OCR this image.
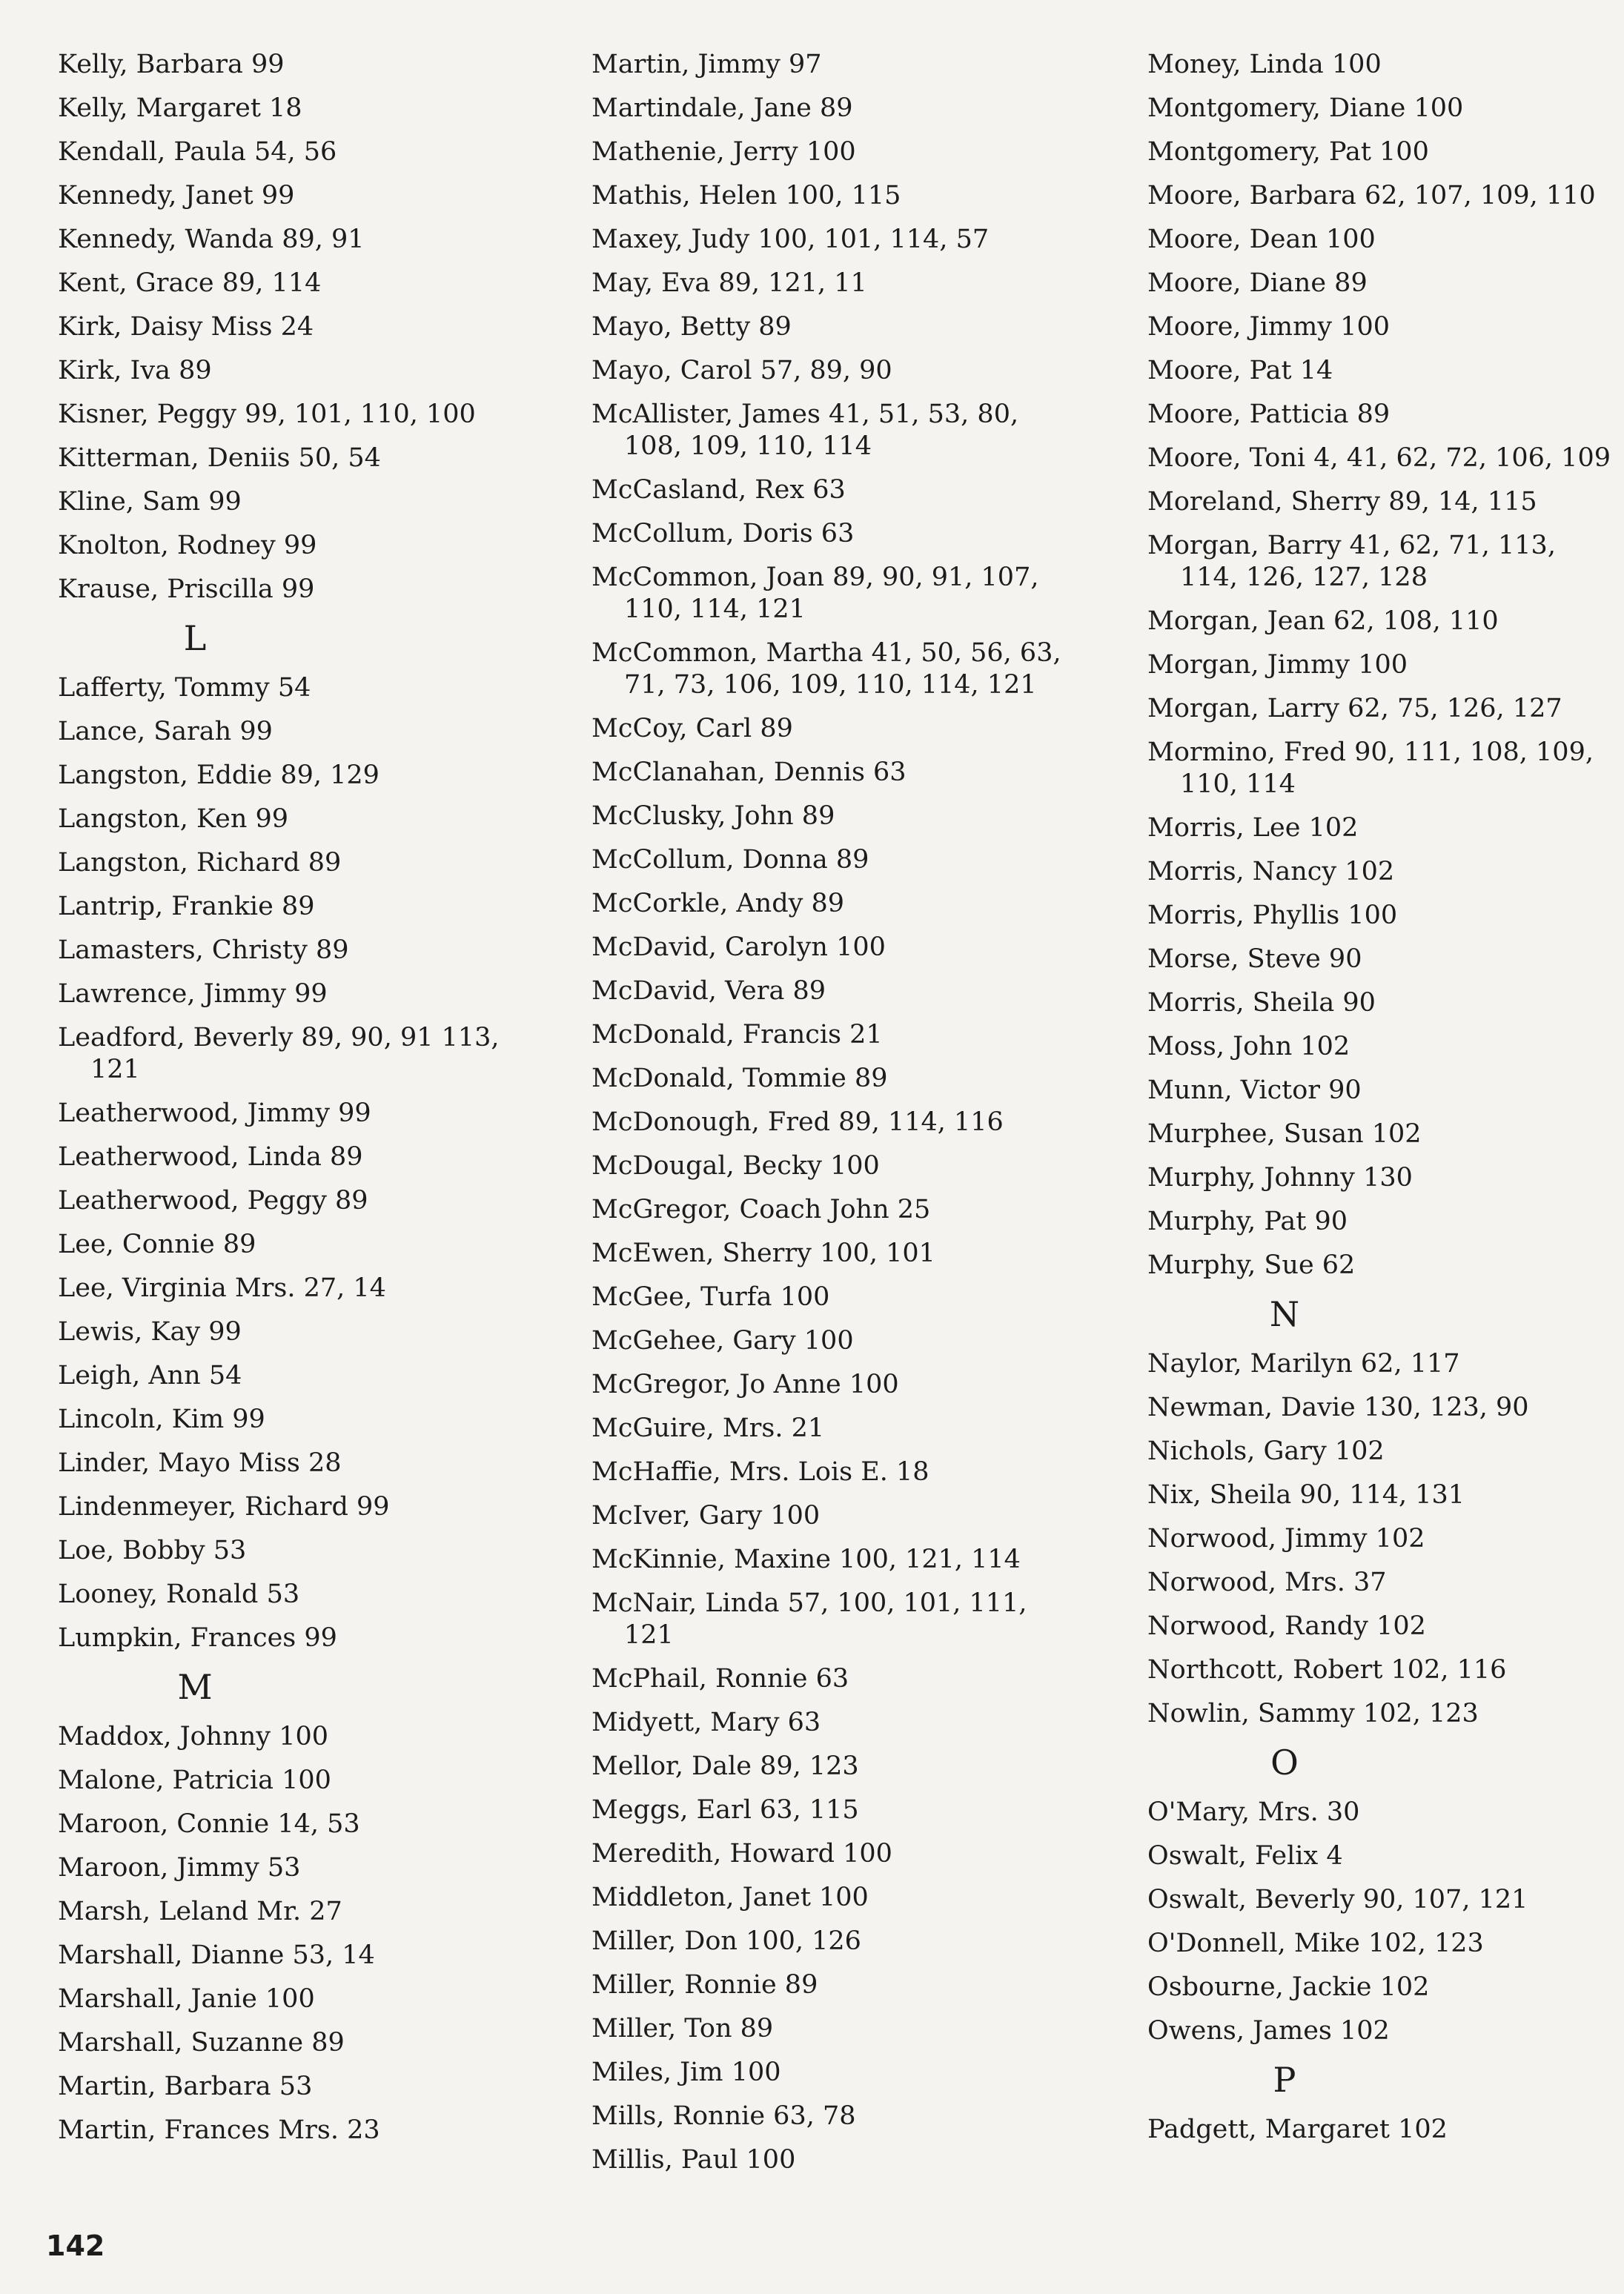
Kelly, Barbara 99
Kelly, Margaret 18
Kendall, Paula 54, 56
Kennedy, Janet 99
Kennedy, Wanda 89, 91
Kent, Grace 89, 114
Kirk, Daisy Miss 24
Kirk, Iva 89
Kisner, Peggy 99, 101, 110, 100
Kitterman, Deniis 50, 54
Kline, Sam 99
Knolton, Rodney 99
Krause, Priscilla 99
L
Lafferty, Tommy 54
Lance, Sarah 99
Langston, Eddie 89, 129
Langston, Ken 99
Langston, Richard 89
Lantrip, Frankie 89
Lamasters, Christy 89
Lawrence, Jimmy 99
Leadford, Beverly 89, 90, 91 113, 121
Leatherwood, Jimmy 99
Leatherwood, Linda 89
Leatherwood, Peggy 89
Lee, Connie 89
Lee, Virginia Mrs. 27, 14
Lewis, Kay 99
Leigh, Ann 54
Lincoln, Kim 99
Linder, Mayo Miss 28
Lindenmeyer, Richard 99
Loe, Bobby 53
Looney, Ronald 53
Lumpkin, Frances 99
M
Maddox, Johnny 100
Malone, Patricia 100
Maroon, Connie 14, 53
Maroon, Jimmy 53
Marsh, Leland Mr. 27
Marshall, Dianne 53, 14
Marshall, Janie 100
Marshall, Suzanne 89
Martin, Barbara 53
Martin, Frances Mrs. 23
Martin, Jimmy 97
Martindale, Jane 89
Mathenie, Jerry 100
Mathis, Helen 100, 115
Maxey, Judy 100, 101, 114, 57
May, Eva 89, 121, 11
Mayo, Betty 89
Mayo, Carol 57, 89, 90
McAllister, James 41, 51, 53, 80, 108, 109, 110, 114
McCasland, Rex 63
McCollum, Doris 63
McCommon, Joan 89, 90, 91, 107, 110, 114, 121
McCommon, Martha 41, 50, 56, 63, 71, 73, 106, 109, 110, 114, 121
McCoy, Carl 89
McClanahan, Dennis 63
McClusky, John 89
McCollum, Donna 89
McCorkle, Andy 89
McDavid, Carolyn 100
McDavid, Vera 89
McDonald, Francis 21
McDonald, Tommie 89
McDonough, Fred 89, 114, 116
McDougal, Becky 100
McGregor, Coach John 25
McEwen, Sherry 100, 101
McGee, Turfa 100
McGehee, Gary 100
McGregor, Jo Anne 100
McGuire, Mrs. 21
McHaffie, Mrs. Lois E. 18
McIver, Gary 100
McKinnie, Maxine 100, 121, 114
McNair, Linda 57, 100, 101, 111, 121
McPhail, Ronnie 63
Midyett, Mary 63
Mellor, Dale 89, 123
Meggs, Earl 63, 115
Meredith, Howard 100
Middleton, Janet 100
Miller, Don 100, 126
Miller, Ronnie 89
Miller, Ton 89
Miles, Jim 100
Mills, Ronnie 63, 78
Millis, Paul 100
Money, Linda 100
Montgomery, Diane 100
Montgomery, Pat 100
Moore, Barbara 62, 107, 109, 110
Moore, Dean 100
Moore, Diane 89
Moore, Jimmy 100
Moore, Pat 14
Moore, Patticia 89
Moore, Toni 4, 41, 62, 72, 106, 109
Moreland, Sherry 89, 14, 115
Morgan, Barry 41, 62, 71, 113, 114, 126, 127, 128
Morgan, Jean 62, 108, 110
Morgan, Jimmy 100
Morgan, Larry 62, 75, 126, 127
Mormino, Fred 90, 111, 108, 109, 110, 114
Morris, Lee 102
Morris, Nancy 102
Morris, Phyllis 100
Morse, Steve 90
Morris, Sheila 90
Moss, John 102
Munn, Victor 90
Murphee, Susan 102
Murphy, Johnny 130
Murphy, Pat 90
Murphy, Sue 62
N
Naylor, Marilyn 62, 117
Newman, Davie 130, 123, 90
Nichols, Gary 102
Nix, Sheila 90, 114, 131
Norwood, Jimmy 102
Norwood, Mrs. 37
Norwood, Randy 102
Northcott, Robert 102, 116
Nowlin, Sammy 102, 123
O
O'Mary, Mrs. 30
Oswalt, Felix 4
Oswalt, Beverly 90, 107, 121
O'Donnell, Mike 102, 123
Osbourne, Jackie 102
Owens, James 102
P
Padgett, Margaret 102
142
